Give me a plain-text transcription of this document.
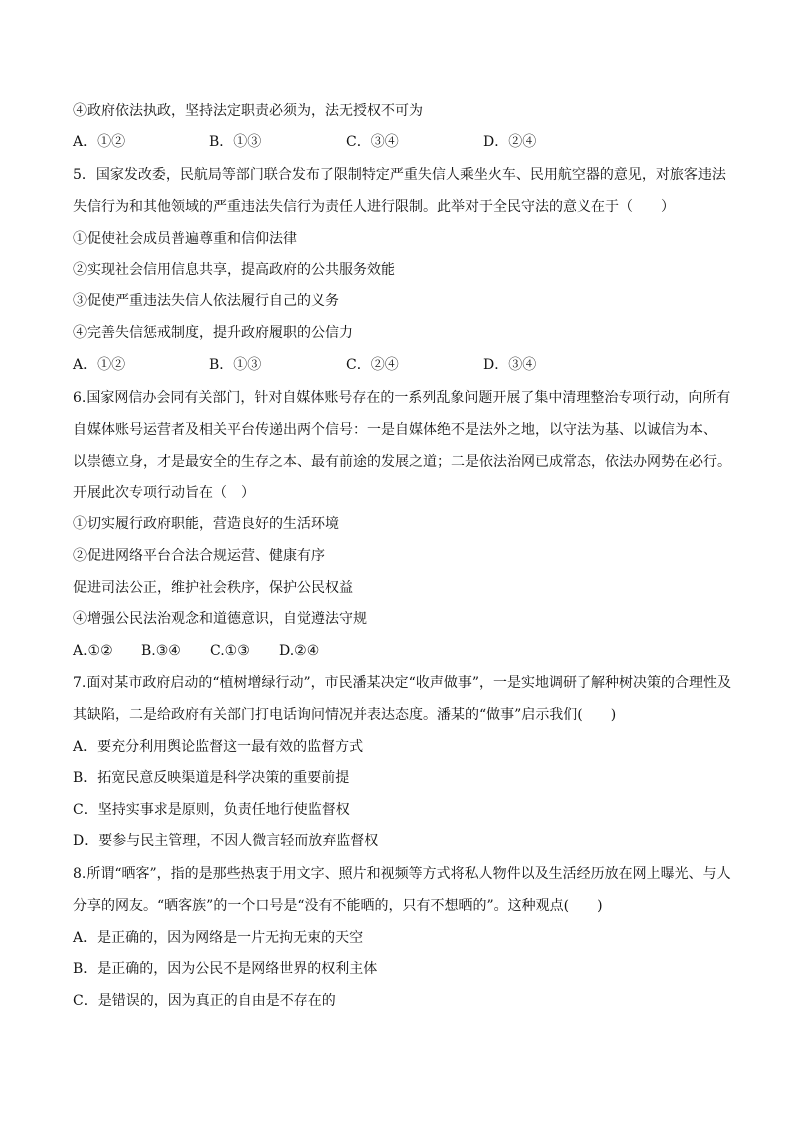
④政府依法执政，坚持法定职责必须为，法无授权不可为
A．①②	B．①③	C．③④	D．②④
5．国家发改委，民航局等部门联合发布了限制特定严重失信人乘坐火车、民用航空器的意见，对旅客违法
失信行为和其他领域的严重违法失信行为责任人进行限制。此举对于全民守法的意义在于（　　）
①促使社会成员普遍尊重和信仰法律
②实现社会信用信息共享，提高政府的公共服务效能
③促使严重违法失信人依法履行自己的义务
④完善失信惩戒制度，提升政府履职的公信力
A．①②	B．①③	C．②④	D．③④
6.国家网信办会同有关部门，针对自媒体账号存在的一系列乱象问题开展了集中清理整治专项行动，向所有
自媒体账号运营者及相关平台传递出两个信号：一是自媒体绝不是法外之地，以守法为基、以诚信为本、
以崇德立身，才是最安全的生存之本、最有前途的发展之道；二是依法治网已成常态，依法办网势在必行。
开展此次专项行动旨在（　）
①切实履行政府职能，营造良好的生活环境
②促进网络平台合法合规运营、健康有序
促进司法公正，维护社会秩序，保护公民权益
④增强公民法治观念和道德意识，自觉遵法守规
A.①② B.③④ C.①③ D.②④
7.面对某市政府启动的“植树增绿行动”，市民潘某决定“收声做事”，一是实地调研了解种树决策的合理性及
其缺陷，二是给政府有关部门打电话询问情况并表达态度。潘某的“做事”启示我们(　　)
A．要充分利用舆论监督这一最有效的监督方式
B．拓宽民意反映渠道是科学决策的重要前提
C．坚持实事求是原则，负责任地行使监督权
D．要参与民主管理，不因人微言轻而放弃监督权
8.所谓“晒客”，指的是那些热衷于用文字、照片和视频等方式将私人物件以及生活经历放在网上曝光、与人
分享的网友。“晒客族”的一个口号是“没有不能晒的，只有不想晒的”。这种观点(　　)
A．是正确的，因为网络是一片无拘无束的天空
B．是正确的，因为公民不是网络世界的权利主体
C．是错误的，因为真正的自由是不存在的
